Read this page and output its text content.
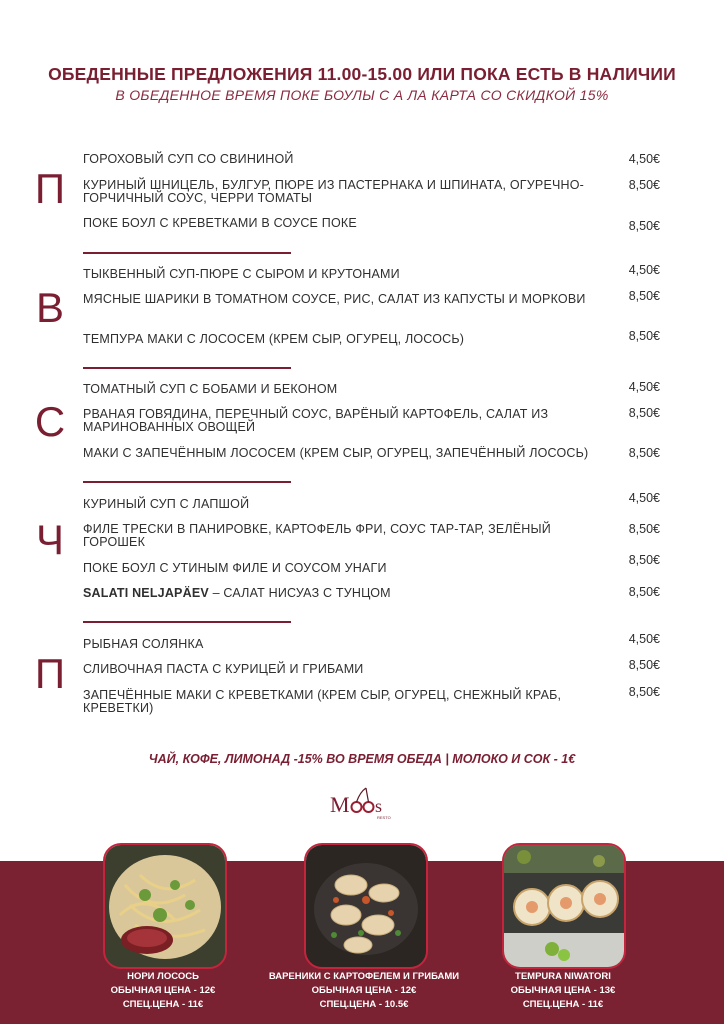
ОБЕДЕННЫЕ ПРЕДЛОЖЕНИЯ 11.00-15.00 ИЛИ ПОКА ЕСТЬ В НАЛИЧИИ
В ОБЕДЕННОЕ ВРЕМЯ ПОКЕ БОУЛЫ С А ЛА КАРТА СО СКИДКОЙ 15%
П
ГОРОХОВЫЙ СУП СО СВИНИНОЙ	4,50€
КУРИНЫЙ ШНИЦЕЛЬ, БУЛГУР, ПЮРЕ ИЗ ПАСТЕРНАКА И ШПИНАТА, ОГУРЕЧНО-ГОРЧИЧНЫЙ СОУС, ЧЕРРИ ТОМАТЫ
8,50€
ПОКЕ БОУЛ С КРЕВЕТКАМИ В СОУСЕ ПОКЕ	8,50€
В
ТЫКВЕННЫЙ СУП-ПЮРЕ С СЫРОМ И КРУТОНАМИ	4,50€
МЯСНЫЕ ШАРИКИ В ТОМАТНОМ СОУСЕ, РИС, САЛАТ ИЗ КАПУСТЫ И МОРКОВИ	8,50€
ТЕМПУРА МАКИ С ЛОСОСЕМ (КРЕМ СЫР, ОГУРЕЦ, ЛОСОСЬ)	8,50€
С
ТОМАТНЫЙ СУП С БОБАМИ И БЕКОНОМ	4,50€
РВАНАЯ ГОВЯДИНА, ПЕРЕЧНЫЙ СОУС, ВАРЁНЫЙ КАРТОФЕЛЬ, САЛАТ ИЗ МАРИНОВАННЫХ ОВОЩЕЙ
8,50€
МАКИ С ЗАПЕЧЁННЫМ ЛОСОСЕМ (КРЕМ СЫР, ОГУРЕЦ, ЗАПЕЧЁННЫЙ ЛОСОСЬ)	8,50€
Ч
КУРИНЫЙ СУП С ЛАПШОЙ	4,50€
ФИЛЕ ТРЕСКИ В ПАНИРОВКЕ, КАРТОФЕЛЬ ФРИ, СОУС ТАР-ТАР, ЗЕЛЁНЫЙ ГОРОШЕК
8,50€
ПОКЕ БОУЛ С УТИНЫМ ФИЛЕ И СОУСОМ УНАГИ
8,50€
SALATI NELJAPÄEV – САЛАТ НИСУАЗ С ТУНЦОМ	8,50€
П
РЫБНАЯ СОЛЯНКА	4,50€
СЛИВОЧНАЯ ПАСТА С КУРИЦЕЙ И ГРИБАМИ	8,50€
ЗАПЕЧЁННЫЕ МАКИ С КРЕВЕТКАМИ (КРЕМ СЫР, ОГУРЕЦ, СНЕЖНЫЙ КРАБ, КРЕВЕТКИ)
8,50€
ЧАЙ, КОФЕ, ЛИМОНАД -15% ВО ВРЕМЯ ОБЕДА | МОЛОКО И СОК - 1€
M s
RESTO
НОРИ ЛОСОСЬ
ОБЫЧНАЯ ЦЕНА - 12€
СПЕЦ.ЦЕНА - 11€
ВАРЕНИКИ С КАРТОФЕЛЕМ И ГРИБАМИ
ОБЫЧНАЯ ЦЕНА - 12€
СПЕЦ.ЦЕНА - 10.5€
TEMPURA NIWATORI
ОБЫЧНАЯ ЦЕНА - 13€
СПЕЦ.ЦЕНА - 11€
